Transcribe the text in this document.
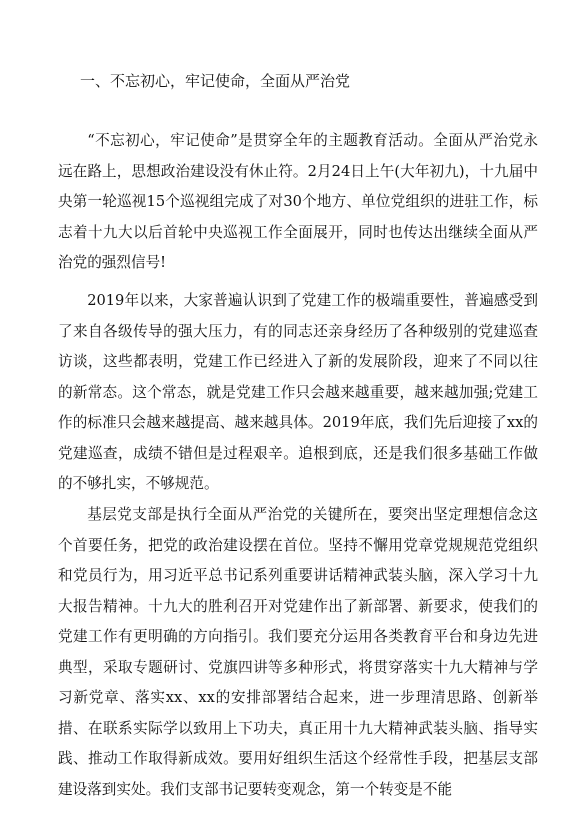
一、不忘初心，牢记使命，全面从严治党

“不忘初心，牢记使命”是贯穿全年的主题教育活动。全面从严治党永远在路上，思想政治建设没有休止符。2月24日上午(大年初九)，十九届中央第一轮巡视15个巡视组完成了对30个地方、单位党组织的进驻工作，标志着十九大以后首轮中央巡视工作全面展开，同时也传达出继续全面从严治党的强烈信号!

2019年以来，大家普遍认识到了党建工作的极端重要性，普遍感受到了来自各级传导的强大压力，有的同志还亲身经历了各种级别的党建巡查访谈，这些都表明，党建工作已经进入了新的发展阶段，迎来了不同以往的新常态。这个常态，就是党建工作只会越来越重要，越来越加强;党建工作的标准只会越来越提高、越来越具体。2019年底，我们先后迎接了xx的党建巡查，成绩不错但是过程艰辛。追根到底，还是我们很多基础工作做的不够扎实，不够规范。

基层党支部是执行全面从严治党的关键所在，要突出坚定理想信念这个首要任务，把党的政治建设摆在首位。坚持不懈用党章党规规范党组织和党员行为，用习近平总书记系列重要讲话精神武装头脑，深入学习十九大报告精神。十九大的胜利召开对党建作出了新部署、新要求，使我们的党建工作有更明确的方向指引。我们要充分运用各类教育平台和身边先进典型，采取专题研讨、党旗四讲等多种形式，将贯穿落实十九大精神与学习新党章、落实xx、xx的安排部署结合起来，进一步理清思路、创新举措、在联系实际学以致用上下功夫，真正用十九大精神武装头脑、指导实践、推动工作取得新成效。要用好组织生活这个经常性手段，把基层支部建设落到实处。我们支部书记要转变观念，第一个转变是不能
